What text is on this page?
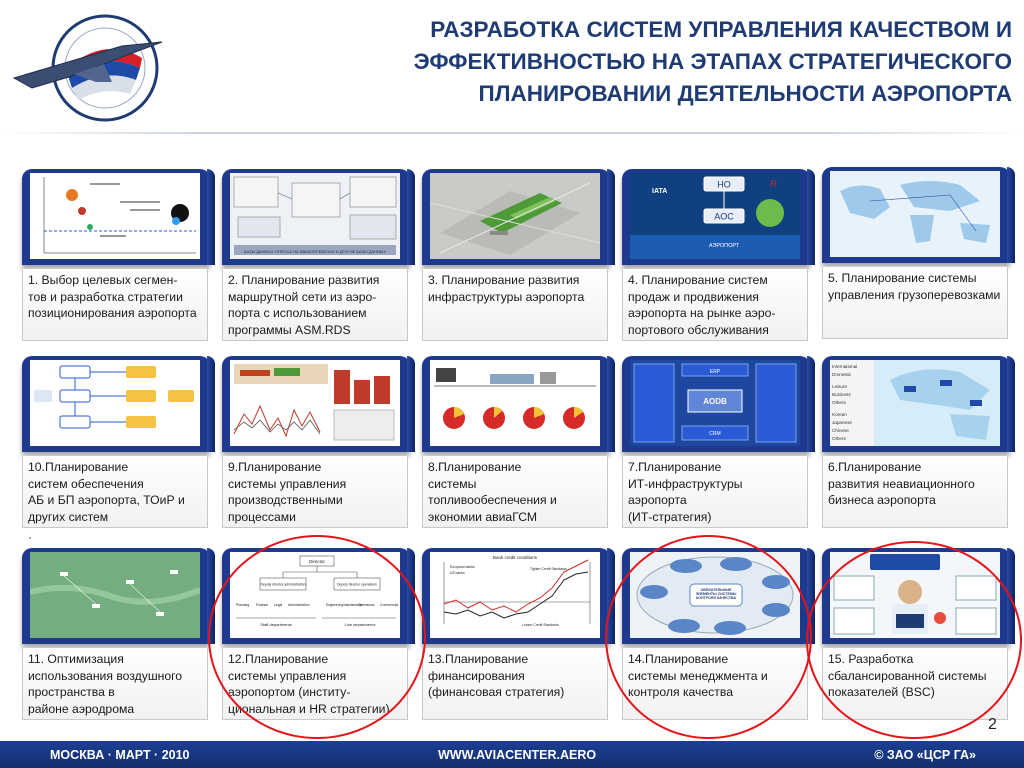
РАЗРАБОТКА СИСТЕМ УПРАВЛЕНИЯ КАЧЕСТВОМ И
ЭФФЕКТИВНОСТЬЮ НА ЭТАПАХ СТРАТЕГИЧЕСКОГО
ПЛАНИРОВАНИИ ДЕЯТЕЛЬНОСТИ АЭРОПОРТА
1. Выбор целевых сегмен-
тов и разработка стратегии позиционирования аэропорта
БАЗЫ ДАННЫХ ОПРОСА НА АВИАПЕРЕВОЗКИ И ДРУГИЕ БАЗЫ ДАННЫХ
2. Планирование развития маршрутной сети из аэро-порта с использованием программы ASM.RDS
3. Планирование развития инфраструктуры аэропорта
IATA
HO
AOC
АЭРОПОРТ
R
4. Планирование систем продаж и продвижения аэропорта на рынке аэро-портового обслуживания
5. Планирование системы управления грузоперевозками
10.Планирование
систем обеспечения
АБ и БП аэропорта, ТОиР и других систем
9.Планирование
системы управления производственными процессами
8.Планирование
системы
топливообеспечения и экономии авиаГСМ
ERP
AODB
CRM
7.Планирование
ИТ-инфраструктуры аэропорта
(ИТ-стратегия)
International
Domestic
Leisure
Business
Others
Korean
Japanese
Chinese
Others
6.Планирование
развития неавиационного бизнеса аэропорта
11. Оптимизация использования воздушного пространства в
районе аэродрома
Director
Deputy director administration	Deputy director operations
Planning Finance Legal Administration	Engineering/maintenance
Operations Commercial
Staff departments	Line departments
12.Планирование
системы управления аэропортом (институ-циональная и HR стратегии)
Bank credit conditions
European banks
US banks
Tighter Credit Standards
Looser Credit Standards
13.Планирование
финансирования
(финансовая стратегия)
ОБЯЗАТЕЛЬНЫЕ ЭЛЕМЕНТЫ СИСТЕМЫ КОНТРОЛЯ КАЧЕСТВА
14.Планирование
системы менеджмента и контроля качества
15. Разработка
сбалансированной системы показателей (BSC)
·
2
МОСКВА · МАРТ · 2010	WWW.AVIACENTER.AERO	© ЗАО «ЦСР ГА»
